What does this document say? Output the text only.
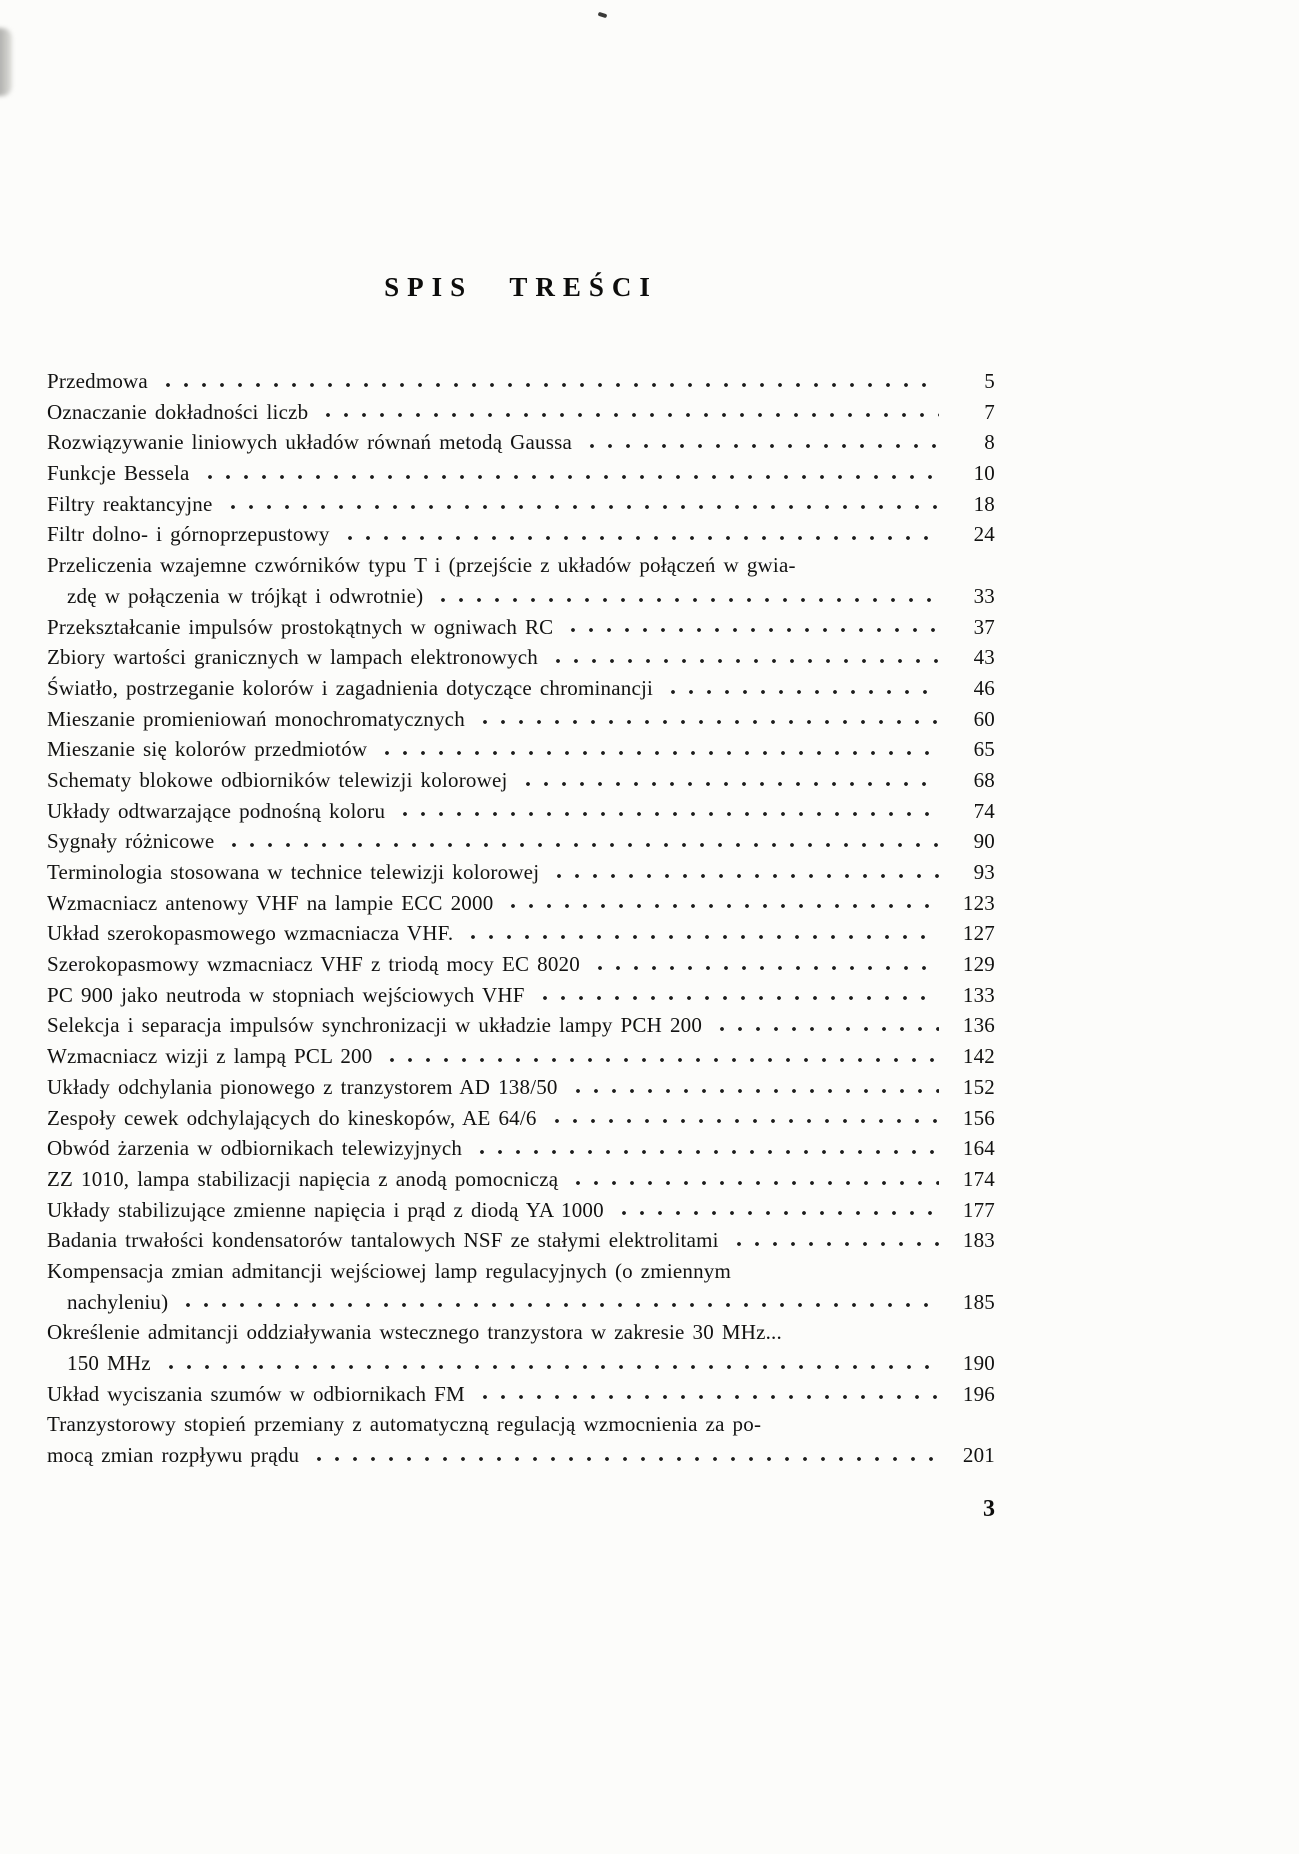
SPIS TREŚCI
Przedmowa	5
Oznaczanie dokładności liczb	7
Rozwiązywanie liniowych układów równań metodą Gaussa	8
Funkcje Bessela	10
Filtry reaktancyjne	18
Filtr dolno- i górnoprzepustowy	24
Przeliczenia wzajemne czwórników typu T i (przejście z układów połączeń w gwia-
zdę w połączenia w trójkąt i odwrotnie)	33
Przekształcanie impulsów prostokątnych w ogniwach RC	37
Zbiory wartości granicznych w lampach elektronowych	43
Światło, postrzeganie kolorów i zagadnienia dotyczące chrominancji	46
Mieszanie promieniowań monochromatycznych	60
Mieszanie się kolorów przedmiotów	65
Schematy blokowe odbiorników telewizji kolorowej	68
Układy odtwarzające podnośną koloru	74
Sygnały różnicowe	90
Terminologia stosowana w technice telewizji kolorowej	93
Wzmacniacz antenowy VHF na lampie ECC 2000	123
Układ szerokopasmowego wzmacniacza VHF.	127
Szerokopasmowy wzmacniacz VHF z triodą mocy EC 8020	129
PC 900 jako neutroda w stopniach wejściowych VHF	133
Selekcja i separacja impulsów synchronizacji w układzie lampy PCH 200	136
Wzmacniacz wizji z lampą PCL 200	142
Układy odchylania pionowego z tranzystorem AD 138/50	152
Zespoły cewek odchylających do kineskopów, AE 64/6	156
Obwód żarzenia w odbiornikach telewizyjnych	164
ZZ 1010, lampa stabilizacji napięcia z anodą pomocniczą	174
Układy stabilizujące zmienne napięcia i prąd z diodą YA 1000	177
Badania trwałości kondensatorów tantalowych NSF ze stałymi elektrolitami	183
Kompensacja zmian admitancji wejściowej lamp regulacyjnych (o zmiennym
nachyleniu)	185
Określenie admitancji oddziaływania wstecznego tranzystora w zakresie 30 MHz...
150 MHz	190
Układ wyciszania szumów w odbiornikach FM	196
Tranzystorowy stopień przemiany z automatyczną regulacją wzmocnienia za po-
mocą zmian rozpływu prądu	201
3
